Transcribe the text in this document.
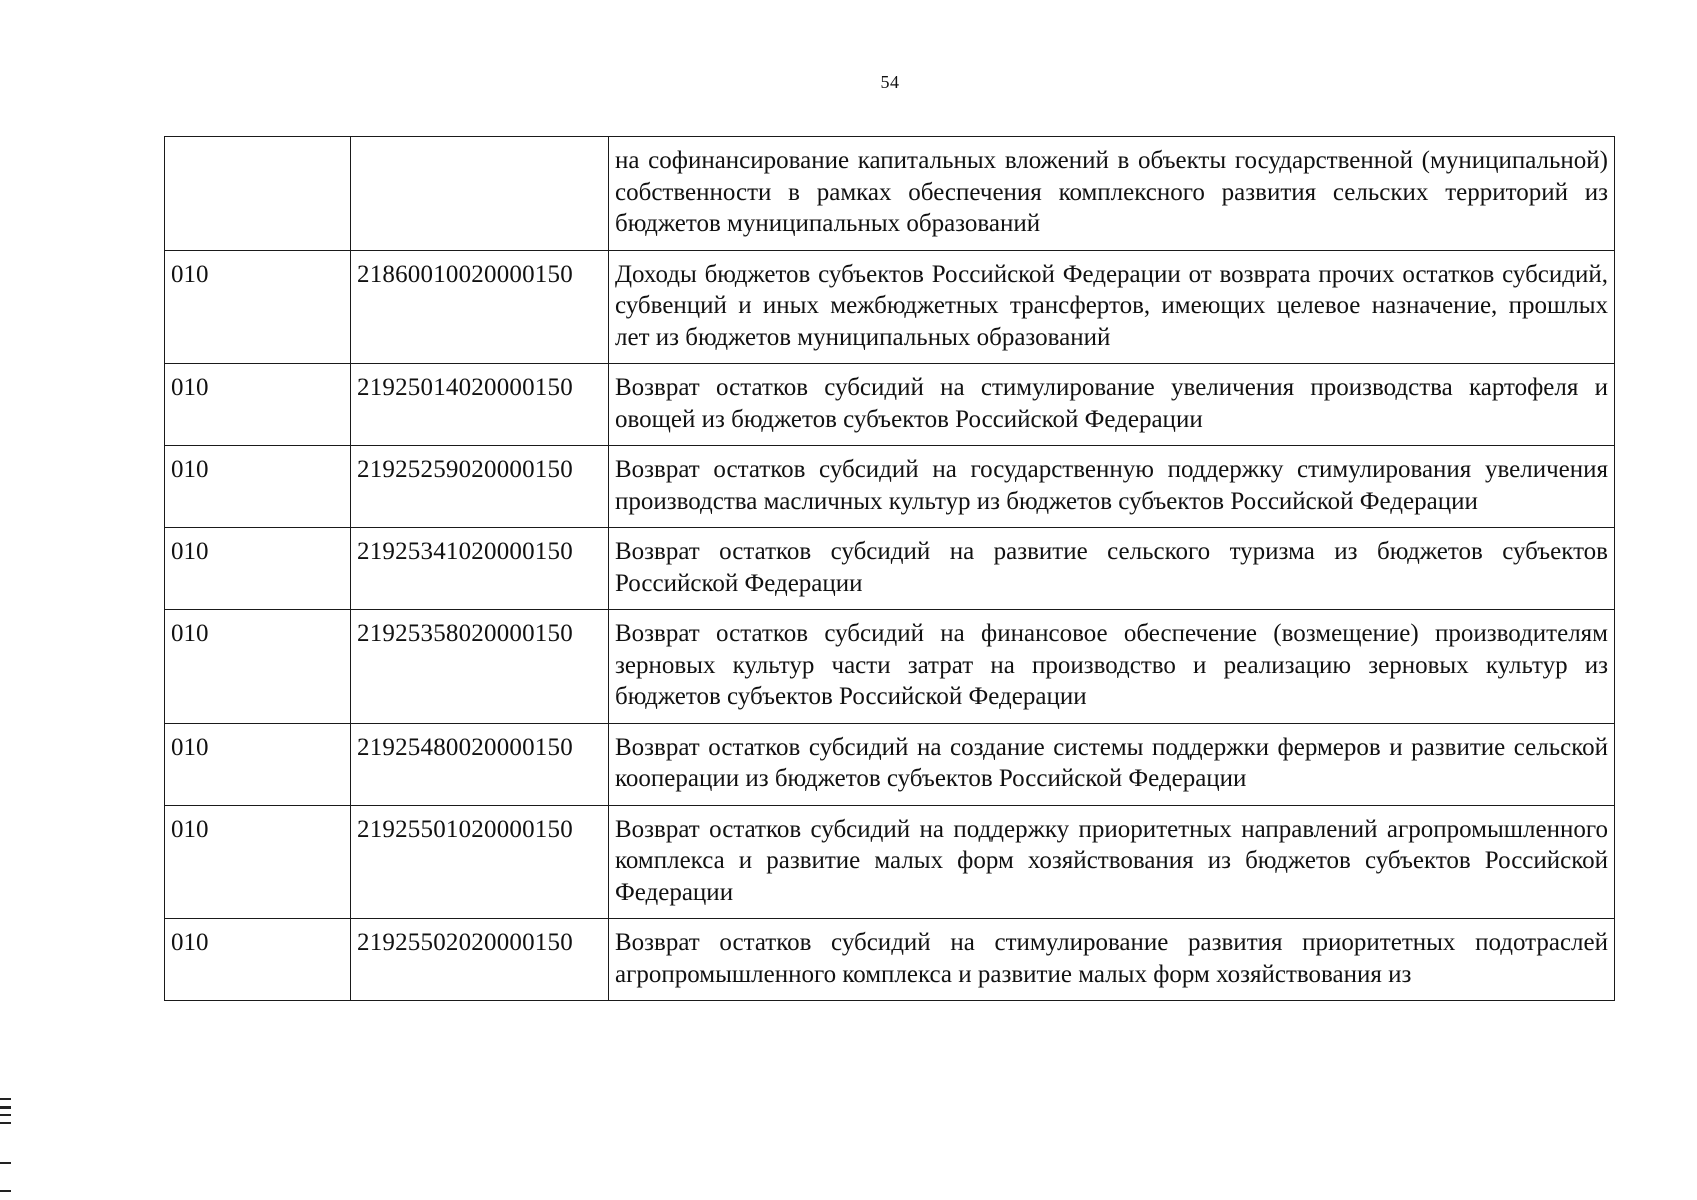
54
		на софинансирование капитальных вложений в объекты государственной (муниципальной) собственности в рамках обеспечения комплексного развития сельских территорий из бюджетов муниципальных образований
010	21860010020000150	Доходы бюджетов субъектов Российской Федерации от возврата прочих остатков субсидий, субвенций и иных межбюджетных трансфертов, имеющих целевое назначение, прошлых лет из бюджетов муниципальных образований
010	21925014020000150	Возврат остатков субсидий на стимулирование увеличения производства картофеля и овощей из бюджетов субъектов Российской Федерации
010	21925259020000150	Возврат остатков субсидий на государственную поддержку стимулирования увеличения производства масличных культур из бюджетов субъектов Российской Федерации
010	21925341020000150	Возврат остатков субсидий на развитие сельского туризма из бюджетов субъектов Российской Федерации
010	21925358020000150	Возврат остатков субсидий на финансовое обеспечение (возмещение) производителям зерновых культур части затрат на производство и реализацию зерновых культур из бюджетов субъектов Российской Федерации
010	21925480020000150	Возврат остатков субсидий на создание системы поддержки фермеров и развитие сельской кооперации из бюджетов субъектов Российской Федерации
010	21925501020000150	Возврат остатков субсидий на поддержку приоритетных направлений агропромышленного комплекса и развитие малых форм хозяйствования из бюджетов субъектов Российской Федерации
010	21925502020000150	Возврат остатков субсидий на стимулирование развития приоритетных подотраслей агропромышленного комплекса и развитие малых форм хозяйствования из
